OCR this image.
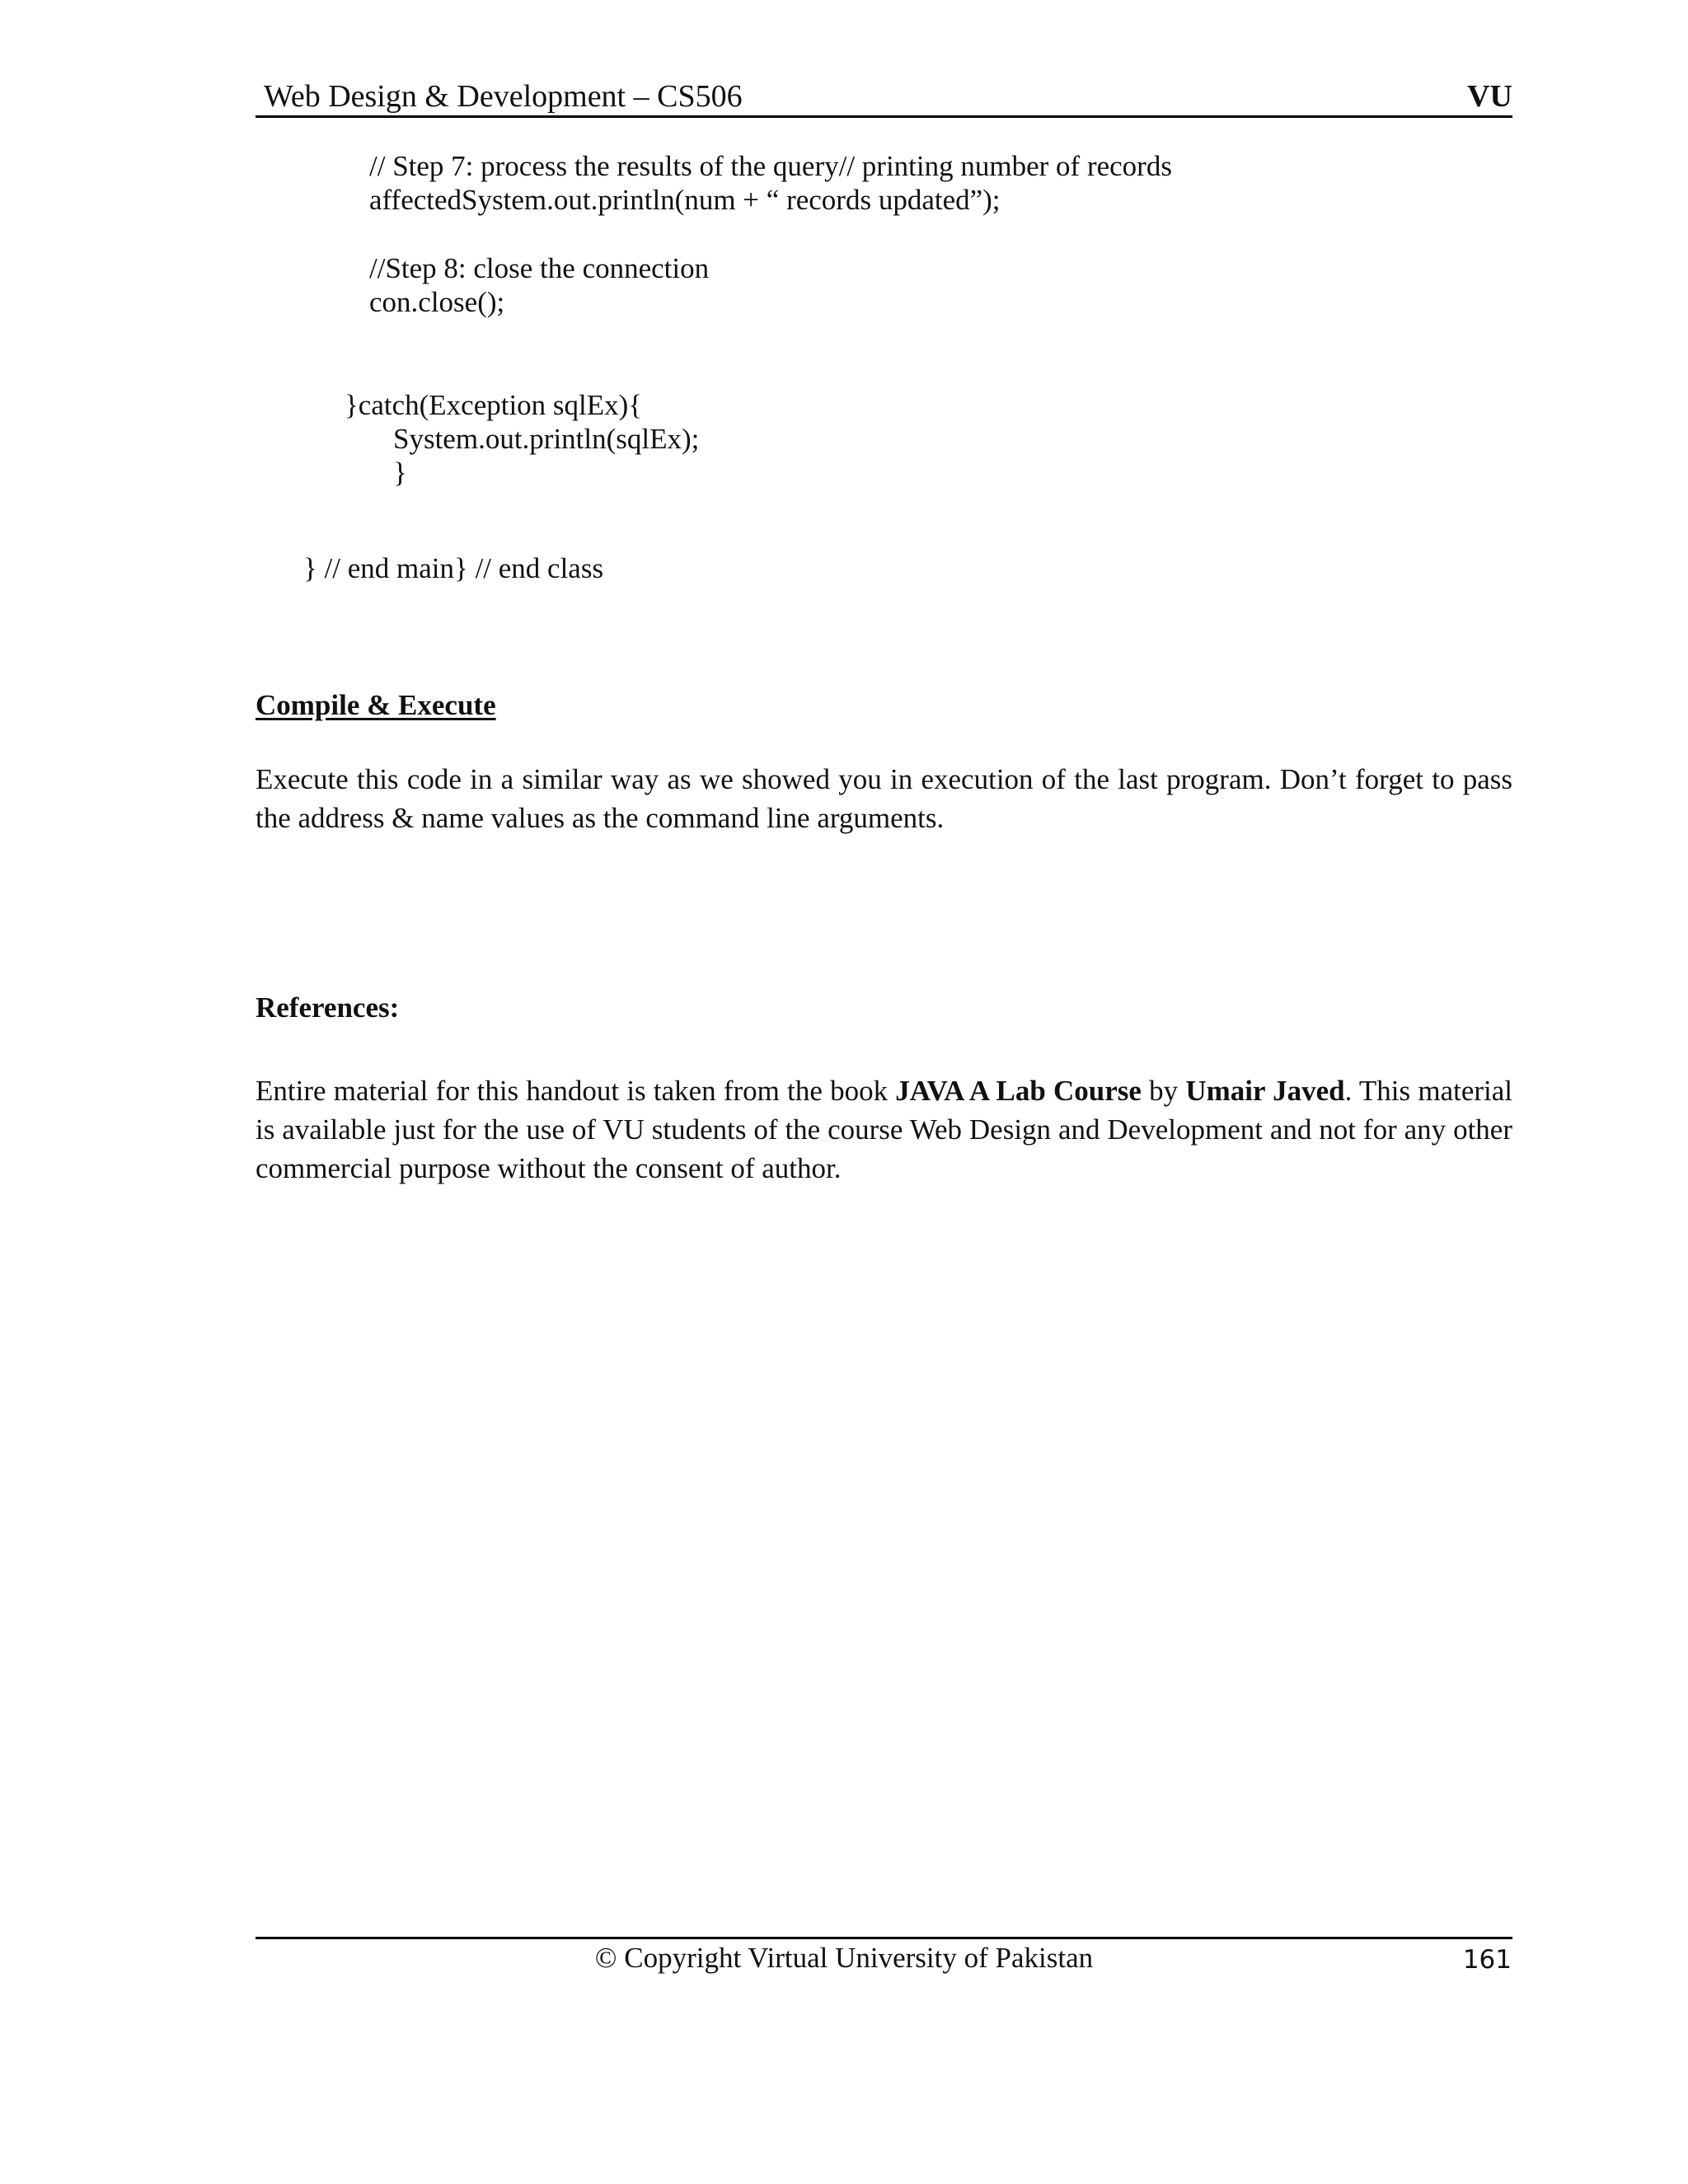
Web Design & Development – CS506	VU
// Step 7: process the results of the query// printing number of records
affectedSystem.out.println(num + “ records updated”);
//Step 8: close the connection
con.close();
}catch(Exception sqlEx){
System.out.println(sqlEx);
}
} // end main} // end class
Compile & Execute
Execute this code in a similar way as we showed you in execution of the last program. Don’t forget to pass the address & name values as the command line arguments.
References:
Entire material for this handout is taken from the book JAVA A Lab Course by Umair Javed. This material is available just for the use of VU students of the course Web Design and Development and not for any other commercial purpose without the consent of author.
© Copyright Virtual University of Pakistan	161
